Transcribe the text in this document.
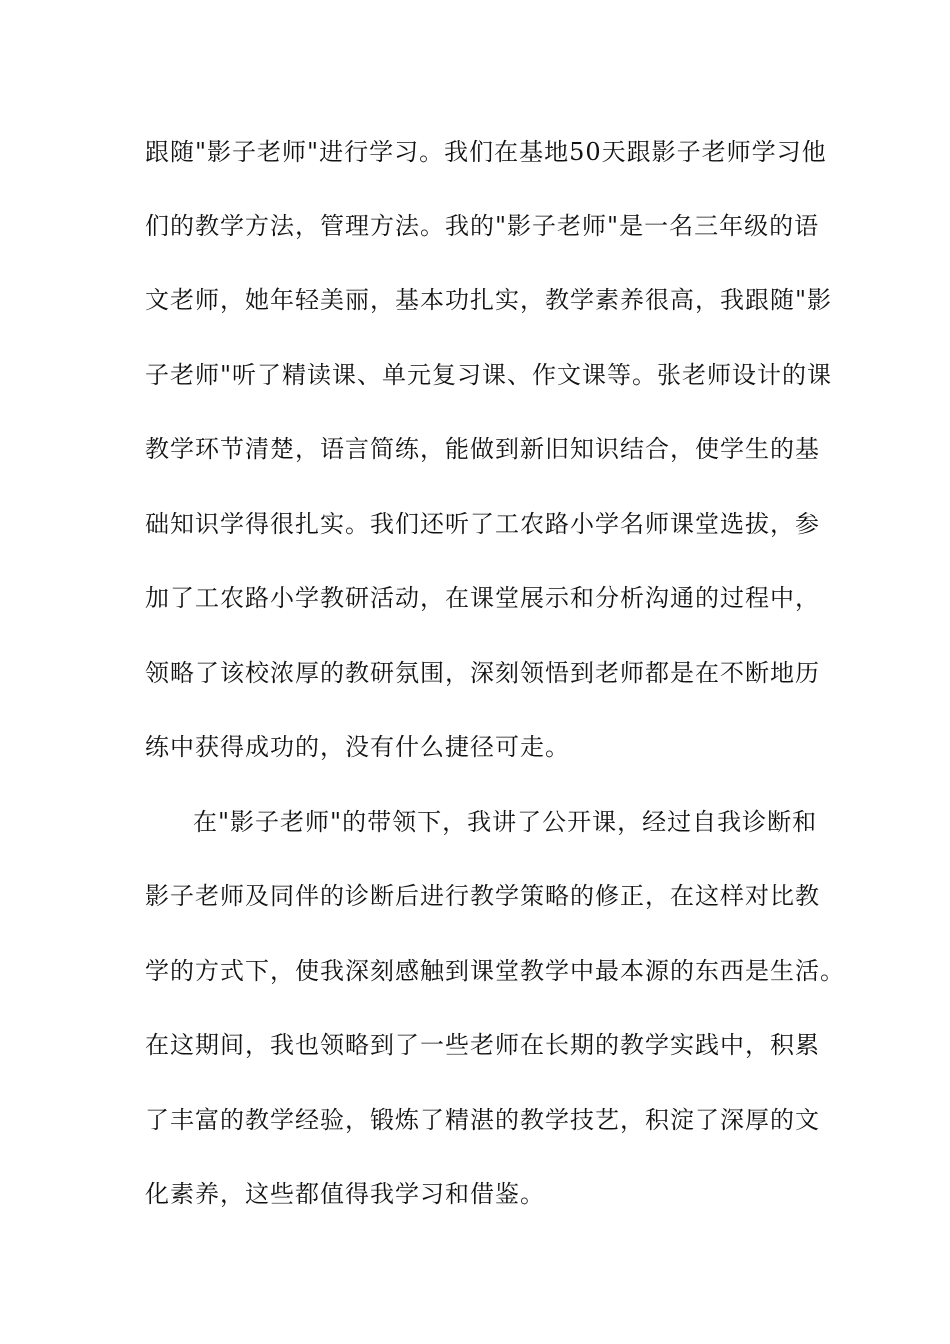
跟随"影子老师"进行学习。我们在基地50天跟影子老师学习他
们的教学方法，管理方法。我的"影子老师"是一名三年级的语
文老师，她年轻美丽，基本功扎实，教学素养很高，我跟随"影
子老师"听了精读课、单元复习课、作文课等。张老师设计的课
教学环节清楚，语言简练，能做到新旧知识结合，使学生的基
础知识学得很扎实。我们还听了工农路小学名师课堂选拔，参
加了工农路小学教研活动，在课堂展示和分析沟通的过程中，
领略了该校浓厚的教研氛围，深刻领悟到老师都是在不断地历
练中获得成功的，没有什么捷径可走。
在"影子老师"的带领下，我讲了公开课，经过自我诊断和
影子老师及同伴的诊断后进行教学策略的修正，在这样对比教
学的方式下，使我深刻感触到课堂教学中最本源的东西是生活。
在这期间，我也领略到了一些老师在长期的教学实践中，积累
了丰富的教学经验，锻炼了精湛的教学技艺，积淀了深厚的文
化素养，这些都值得我学习和借鉴。
